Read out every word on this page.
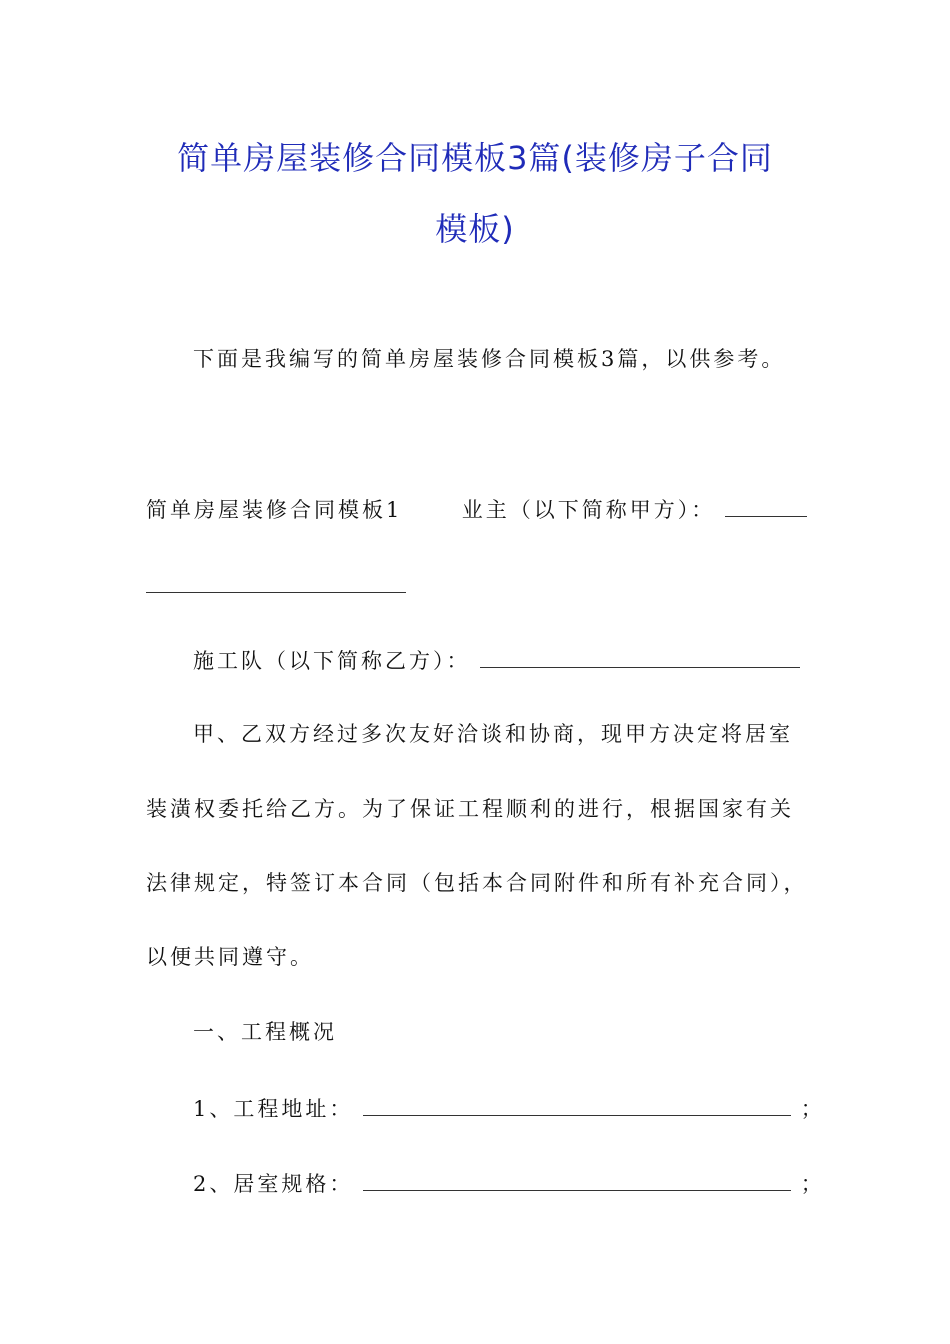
简单房屋装修合同模板3篇(装修房子合同
模板)

下面是我编写的简单房屋装修合同模板3篇，以供参考。

简单房屋装修合同模板1	业主（以下简称甲方）：

施工队（以下简称乙方）：

甲、乙双方经过多次友好洽谈和协商，现甲方决定将居室

装潢权委托给乙方。为了保证工程顺利的进行，根据国家有关

法律规定，特签订本合同（包括本合同附件和所有补充合同），

以便共同遵守。

一、工程概况

1、工程地址：	；

2、居室规格：	；
